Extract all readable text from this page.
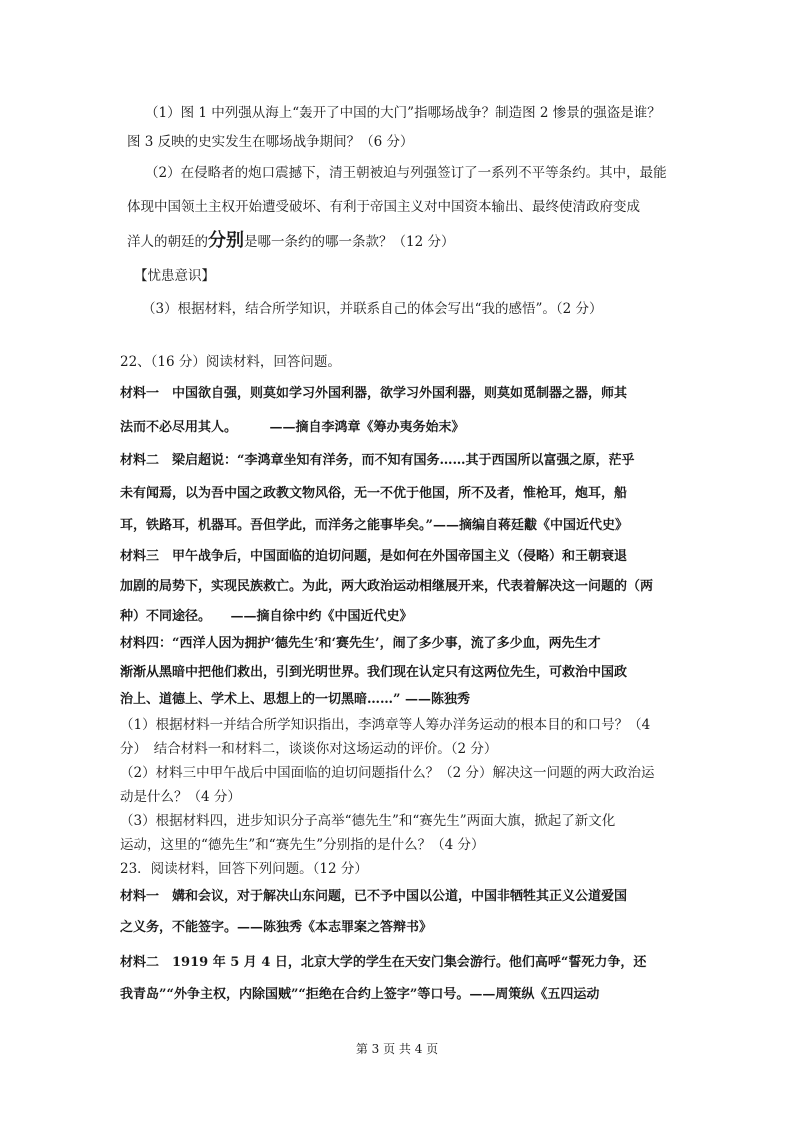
（1）图 1 中列强从海上“轰开了中国的大门”指哪场战争？制造图 2 惨景的强盗是谁？
图 3 反映的史实发生在哪场战争期间？（6 分）
（2）在侵略者的炮口震撼下，清王朝被迫与列强签订了一系列不平等条约。其中，最能
体现中国领土主权开始遭受破坏、有利于帝国主义对中国资本输出、最终使清政府变成
洋人的朝廷的分别是哪一条约的哪一条款？（12 分）
【忧患意识】
（3）根据材料，结合所学知识，并联系自己的体会写出“我的感悟”。（2 分）
22、（16 分）阅读材料，回答问题。
材料一　中国欲自强，则莫如学习外国利器，欲学习外国利器，则莫如觅制器之器，师其
法而不必尽用其人。　　　——摘自李鸿章《筹办夷务始末》
材料二　梁启超说：“李鸿章坐知有洋务，而不知有国务……其于西国所以富强之原，茫乎
未有闻焉，以为吾中国之政教文物风俗，无一不优于他国，所不及者，惟枪耳，炮耳，船
耳，铁路耳，机器耳。吾但学此，而洋务之能事毕矣。”——摘编自蒋廷黻《中国近代史》
材料三　甲午战争后，中国面临的迫切问题，是如何在外国帝国主义（侵略）和王朝衰退
加剧的局势下，实现民族救亡。为此，两大政治运动相继展开来，代表着解决这一问题的（两
种）不同途径。　　——摘自徐中约《中国近代史》
材料四：“西洋人因为拥护‘德先生’和‘赛先生’，闹了多少事，流了多少血，两先生才
渐渐从黑暗中把他们救出，引到光明世界。我们现在认定只有这两位先生，可救治中国政
治上、道德上、学术上、思想上的一切黑暗……” ——陈独秀
（1）根据材料一并结合所学知识指出，李鸿章等人筹办洋务运动的根本目的和口号？（4
分）　结合材料一和材料二，谈谈你对这场运动的评价。（2 分）
（2）材料三中甲午战后中国面临的迫切问题指什么？（2 分）解决这一问题的两大政治运
动是什么？（4 分）
（3）根据材料四，进步知识分子高举“德先生”和“赛先生”两面大旗，掀起了新文化
运动，这里的“德先生”和“赛先生”分别指的是什么？（4 分）
23．阅读材料，回答下列问题。（12 分）
材料一　媾和会议，对于解决山东问题，已不予中国以公道，中国非牺牲其正义公道爱国
之义务，不能签字。——陈独秀《本志罪案之答辩书》
材料二　1919 年 5 月 4 日，北京大学的学生在天安门集会游行。他们高呼“誓死力争，还
我青岛”“外争主权，内除国贼”“拒绝在合约上签字”等口号。——周策纵《五四运动
第 3 页 共 4 页
